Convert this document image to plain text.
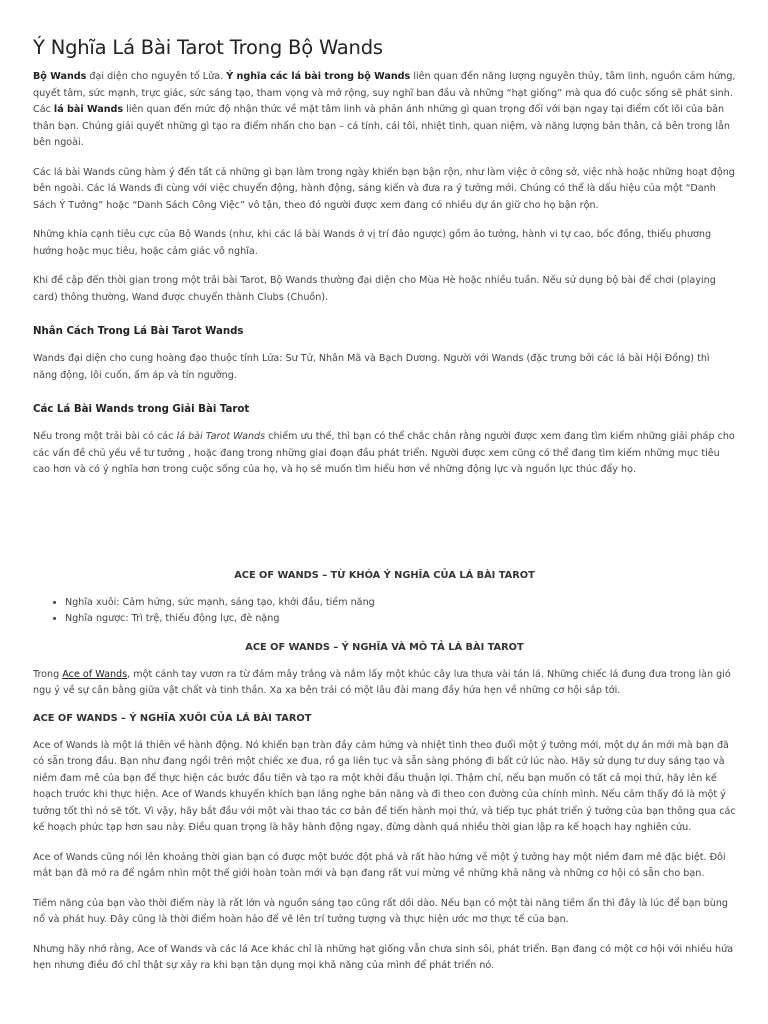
Ý Nghĩa Lá Bài Tarot Trong Bộ Wands

Bộ Wands đại diện cho nguyên tố Lửa. Ý nghĩa các lá bài trong bộ Wands liên quan đến năng lượng nguyên thủy, tâm linh, nguồn cảm hứng, quyết tâm, sức mạnh, trực giác, sức sáng tạo, tham vọng và mở rộng, suy nghĩ ban đầu và những “hạt giống” mà qua đó cuộc sống sẽ phát sinh. Các lá bài Wands liên quan đến mức độ nhận thức về mặt tâm linh và phản ánh những gì quan trọng đối với bạn ngay tại điểm cốt lõi của bản thân bạn. Chúng giải quyết những gì tạo ra điểm nhấn cho bạn – cá tính, cái tôi, nhiệt tình, quan niệm, và năng lượng bản thân, cả bên trong lẫn bên ngoài.

Các lá bài Wands cũng hàm ý đến tất cả những gì bạn làm trong ngày khiến bạn bận rộn, như làm việc ở công sở, việc nhà hoặc những hoạt động bên ngoài. Các lá Wands đi cùng với việc chuyển động, hành động, sáng kiến và đưa ra ý tưởng mới. Chúng có thể là dấu hiệu của một “Danh Sách Ý Tưởng” hoặc “Danh Sách Công Việc” vô tận, theo đó người được xem đang có nhiều dự án giữ cho họ bận rộn.

Những khía cạnh tiêu cực của Bộ Wands (như, khi các lá bài Wands ở vị trí đảo ngược) gồm ảo tưởng, hành vi tự cao, bốc đồng, thiếu phương hướng hoặc mục tiêu, hoặc cảm giác vô nghĩa.

Khi đề cập đến thời gian trong một trải bài Tarot, Bộ Wands thường đại diện cho Mùa Hè hoặc nhiều tuần. Nếu sử dụng bộ bài để chơi (playing card) thông thường, Wand được chuyển thành Clubs (Chuồn).

Nhân Cách Trong Lá Bài Tarot Wands

Wands đại diện cho cung hoàng đạo thuộc tính Lửa: Sư Tử, Nhân Mã và Bạch Dương. Người với Wands (đặc trưng bởi các lá bài Hội Đồng) thì năng động, lôi cuốn, ấm áp và tín ngưỡng.

Các Lá Bài Wands trong Giải Bài Tarot

Nếu trong một trải bài có các lá bài Tarot Wands chiếm ưu thế, thì bạn có thể chắc chắn rằng người được xem đang tìm kiếm những giải pháp cho các vấn đề chủ yếu về tư tưởng , hoặc đang trong những giai đoạn đầu phát triển. Người được xem cũng có thể đang tìm kiếm những mục tiêu cao hơn và có ý nghĩa hơn trong cuộc sống của họ, và họ sẽ muốn tìm hiểu hơn về những động lực và nguồn lực thúc đẩy họ.

ACE OF WANDS – TỪ KHÓA Ý NGHĨA CỦA LÁ BÀI TAROT
• Nghĩa xuôi: Cảm hứng, sức mạnh, sáng tạo, khởi đầu, tiềm năng
• Nghĩa ngược: Trì trệ, thiếu động lực, đè nặng
ACE OF WANDS – Ý NGHĨA VÀ MÔ TẢ LÁ BÀI TAROT

Trong Ace of Wands, một cánh tay vươn ra từ đám mây trắng và nắm lấy một khúc cây lưa thưa vài tán lá. Những chiếc lá đung đưa trong làn gió ngụ ý về sự cân bằng giữa vật chất và tinh thần. Xa xa bên trái có một lâu đài mang đầy hứa hẹn về những cơ hội sắp tới.

ACE OF WANDS – Ý NGHĨA XUÔI CỦA LÁ BÀI TAROT

Ace of Wands là một lá thiên về hành động. Nó khiến bạn tràn đầy cảm hứng và nhiệt tình theo đuổi một ý tưởng mới, một dự án mới mà bạn đã có sẵn trong đầu. Bạn như đang ngồi trên một chiếc xe đua, rồ ga liên tục và sẵn sàng phóng đi bất cứ lúc nào. Hãy sử dụng tư duy sáng tạo và niềm đam mê của bạn để thực hiện các bước đầu tiên và tạo ra một khởi đầu thuận lợi. Thậm chí, nếu bạn muốn có tất cả mọi thứ, hãy lên kế hoạch trước khi thực hiện. Ace of Wands khuyến khích bạn lắng nghe bản năng và đi theo con đường của chính mình. Nếu cảm thấy đó là một ý tưởng tốt thì nó sẽ tốt. Vì vậy, hãy bắt đầu với một vài thao tác cơ bản để tiến hành mọi thứ, và tiếp tục phát triển ý tưởng của bạn thông qua các kế hoạch phức tạp hơn sau này. Điều quan trọng là hãy hành động ngay, đừng dành quá nhiều thời gian lập ra kế hoạch hay nghiên cứu.

Ace of Wands cũng nói lên khoảng thời gian bạn có được một bước đột phá và rất hào hứng về một ý tưởng hay một niềm đam mê đặc biệt. Đôi mắt bạn đã mở ra để ngắm nhìn một thế giới hoàn toàn mới và bạn đang rất vui mừng về những khả năng và những cơ hội có sẵn cho bạn.

Tiềm năng của bạn vào thời điểm này là rất lớn và nguồn sáng tạo cũng rất dồi dào. Nếu bạn có một tài năng tiềm ẩn thì đây là lúc để bạn bùng nổ và phát huy. Đây cũng là thời điểm hoàn hảo để vẽ lên trí tưởng tượng và thực hiện ước mơ thực tế của bạn.

Nhưng hãy nhớ rằng, Ace of Wands và các lá Ace khác chỉ là những hạt giống vẫn chưa sinh sôi, phát triển. Bạn đang có một cơ hội với nhiều hứa hẹn nhưng điều đó chỉ thật sự xảy ra khi bạn tận dụng mọi khả năng của mình để phát triển nó.
